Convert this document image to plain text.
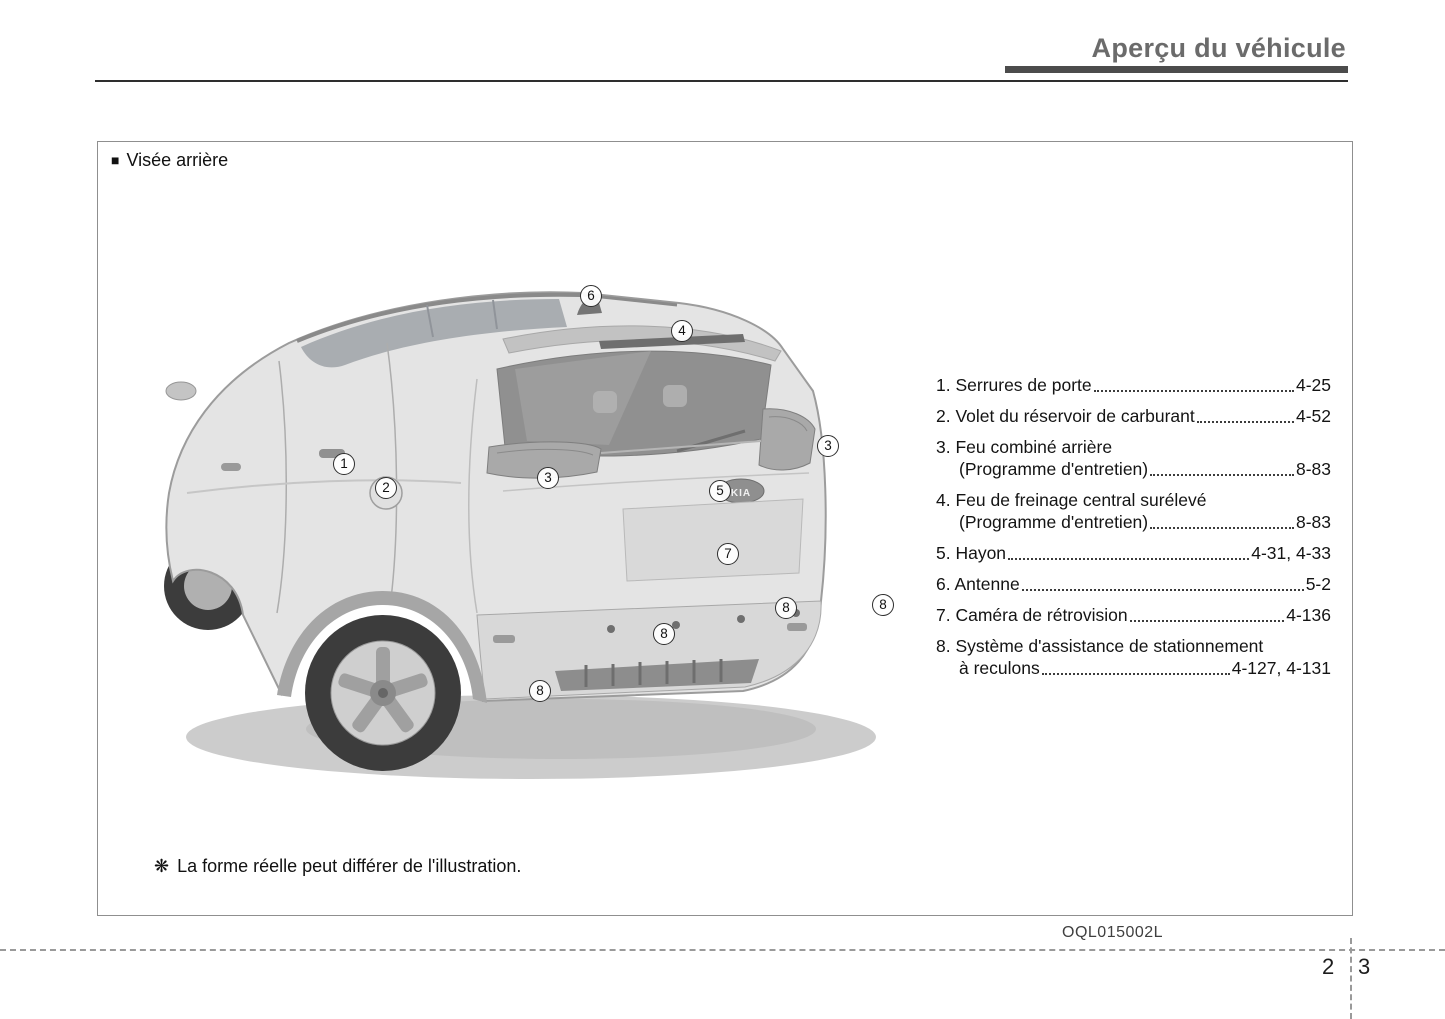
Aperçu du véhicule
■ Visée arrière
KIA
1
2
3
3
4
5
6
7
8	8
8
8
1. Serrures de porte	4-25
2. Volet du réservoir de carburant	4-52
3. Feu combiné arrière
(Programme d'entretien)	8-83
4. Feu de freinage central surélevé
(Programme d'entretien)	8-83
5. Hayon	4-31, 4-33
6. Antenne	5-2
7. Caméra de rétrovision	4-136
8. Système d'assistance de stationnement
à reculons	4-127, 4-131
❋ La forme réelle peut différer de l'illustration.
OQL015002L
2 3
